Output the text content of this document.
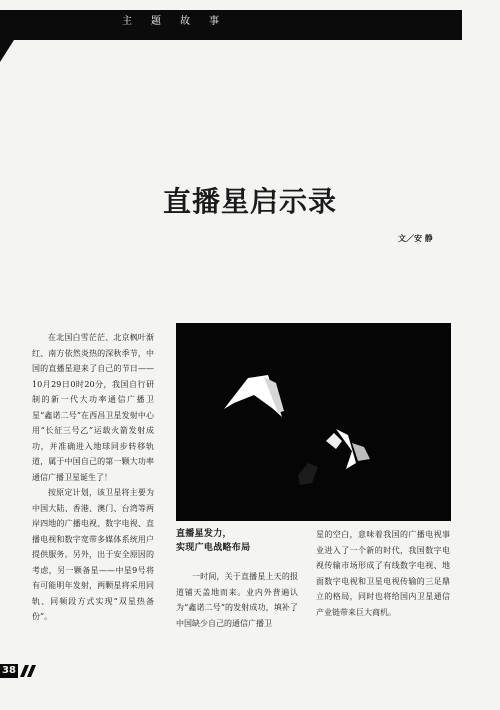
主题故事
直播星启示录
文／安 静

在北国白雪茫茫、北京枫叶渐红、南方依然炎热的深秋季节，中国的直播星迎来了自己的节日——10月29日0时20分，我国自行研制的新一代大功率通信广播卫星“鑫诺二号”在西昌卫星发射中心用“长征三号乙”运载火箭发射成功，并准确进入地球同步转移轨道，属于中国自己的第一颗大功率通信广播卫星诞生了！

按原定计划，该卫星将主要为中国大陆、香港、澳门、台湾等两岸四地的广播电视、数字电视、直播电视和数字宽带多媒体系统用户提供服务。另外，出于安全原因的考虑，另一颗备星——中星9号将有可能明年发射，两颗星将采用同轨、同频段方式实现“双星热备份”。

直播星发力，
实现广电战略布局

一时间，关于直播星上天的报道铺天盖地而来。业内外普遍认为“鑫诺二号”的发射成功，填补了中国缺少自己的通信广播卫

星的空白，意味着我国的广播电视事业进入了一个新的时代，我国数字电视传输市场形成了有线数字电视、地面数字电视和卫星电视传输的三足鼎立的格局，同时也将给国内卫星通信产业链带来巨大商机。

38
